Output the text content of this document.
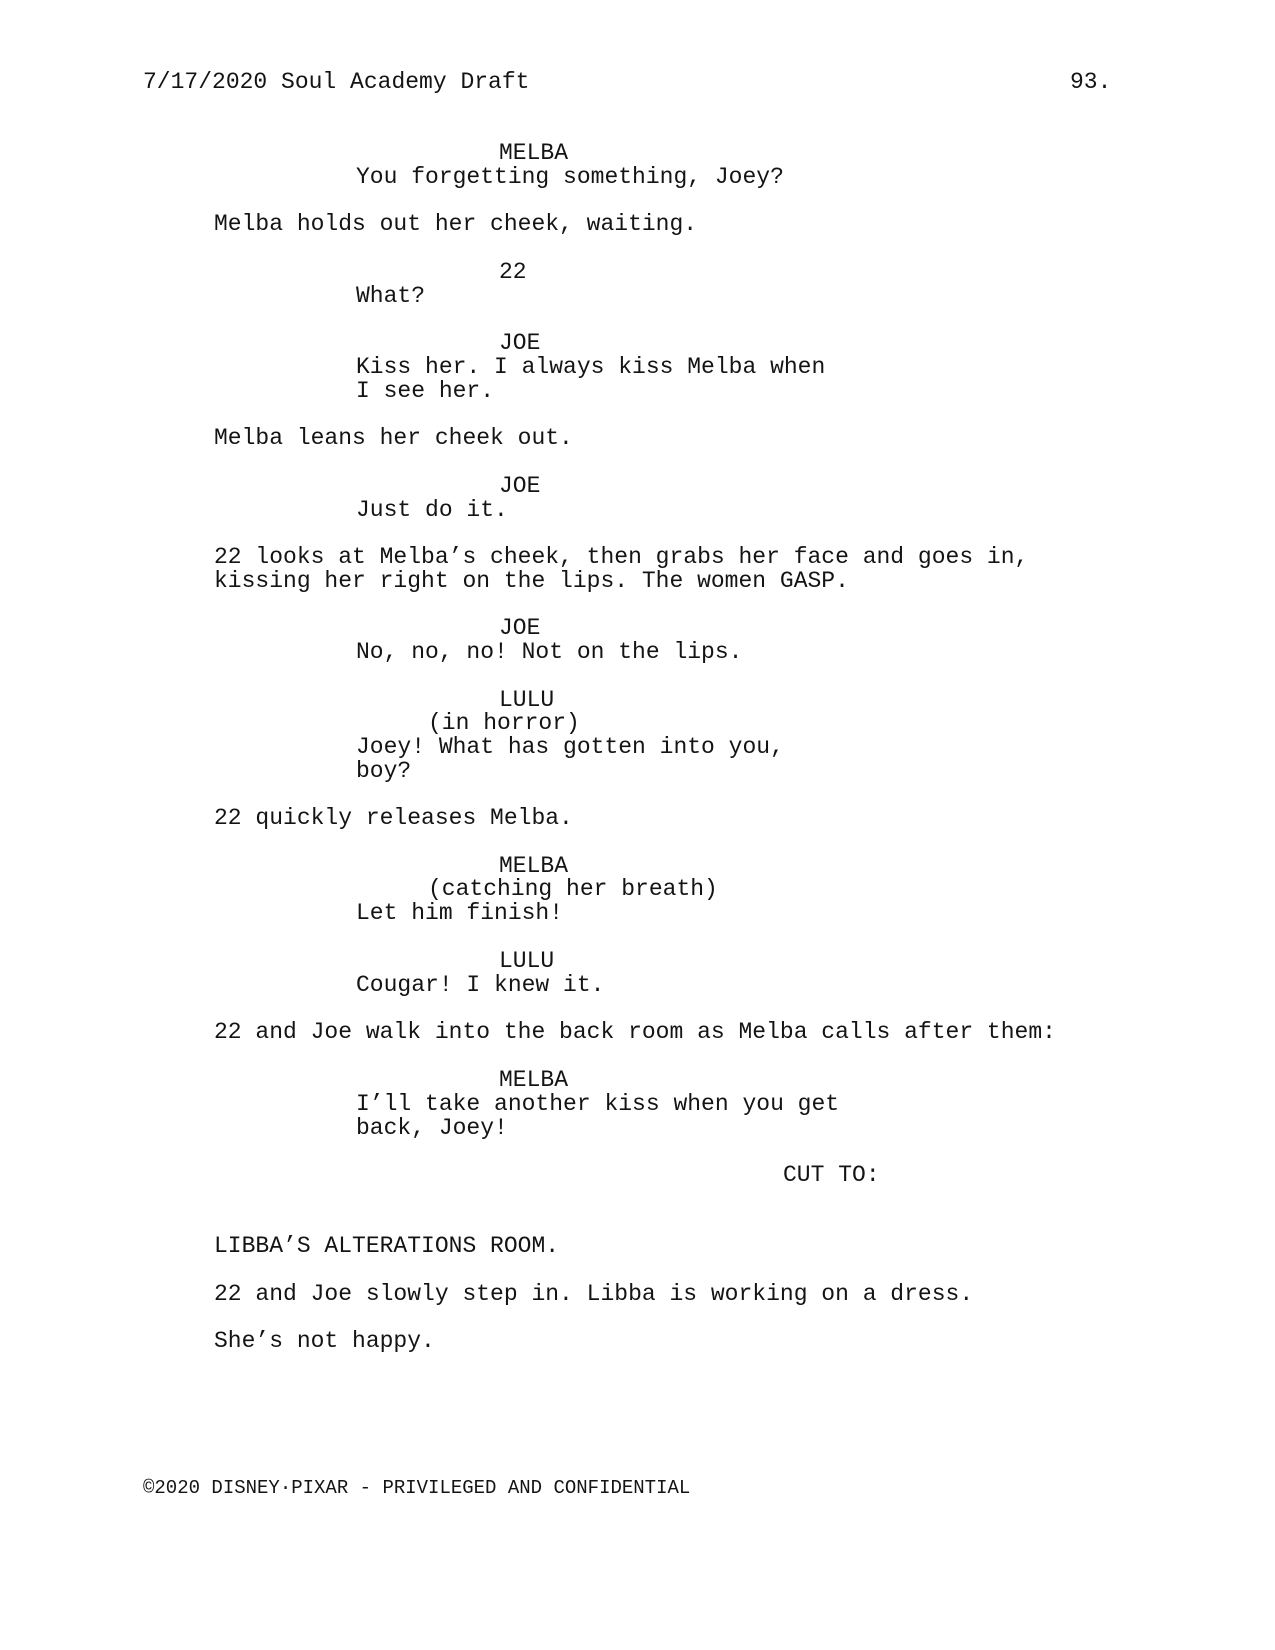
7/17/2020 Soul Academy Draft	93.
MELBA
You forgetting something, Joey?
Melba holds out her cheek, waiting.
22
What?
JOE
Kiss her. I always kiss Melba when
I see her.
Melba leans her cheek out.
JOE
Just do it.
22 looks at Melba’s cheek, then grabs her face and goes in,
kissing her right on the lips. The women GASP.
JOE
No, no, no! Not on the lips.
LULU
(in horror)
Joey! What has gotten into you,
boy?
22 quickly releases Melba.
MELBA
(catching her breath)
Let him finish!
LULU
Cougar! I knew it.
22 and Joe walk into the back room as Melba calls after them:
MELBA
I’ll take another kiss when you get
back, Joey!
CUT TO:
LIBBA’S ALTERATIONS ROOM.
22 and Joe slowly step in. Libba is working on a dress.
She’s not happy.
©2020 DISNEY·PIXAR - PRIVILEGED AND CONFIDENTIAL
